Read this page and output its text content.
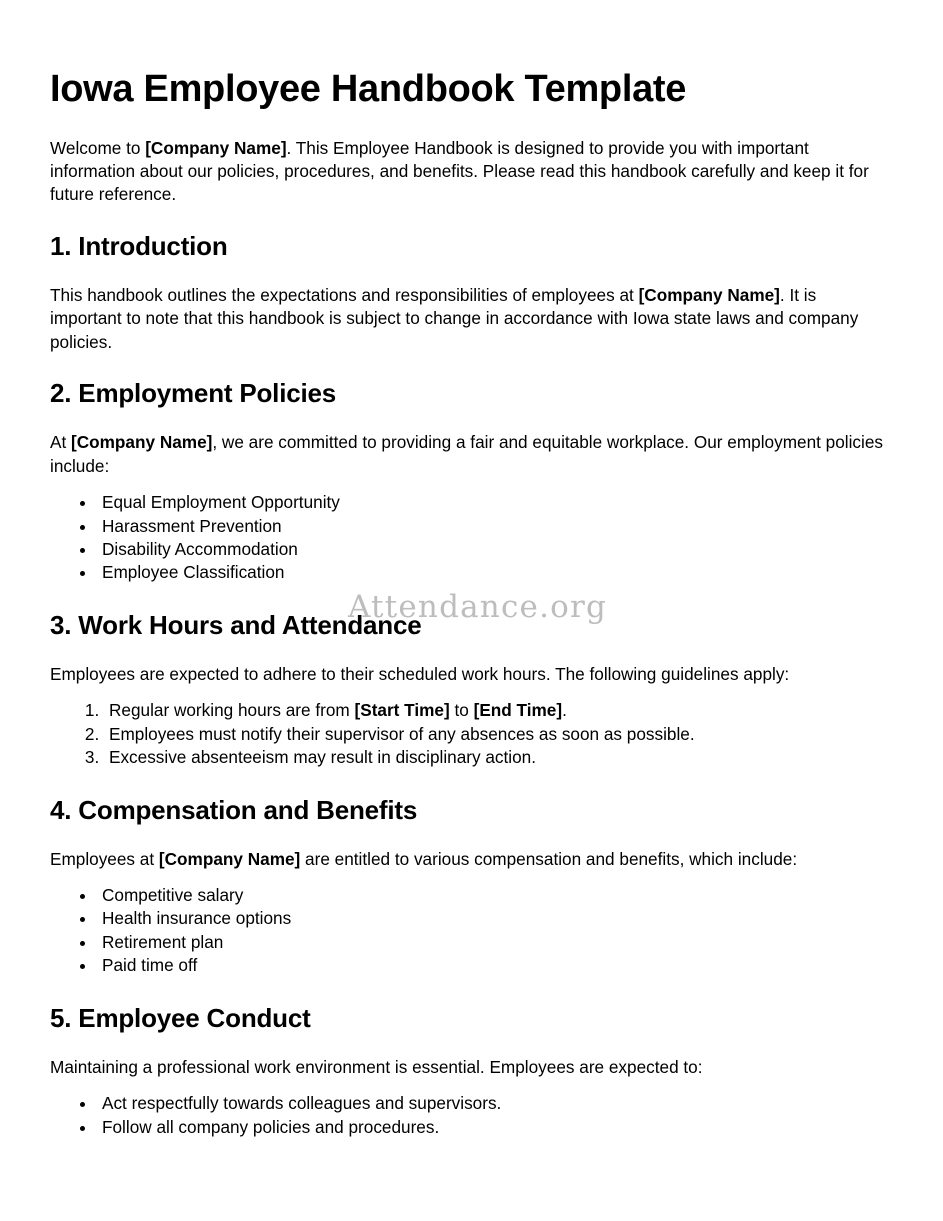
Attendance.org
Iowa Employee Handbook Template

Welcome to [Company Name]. This Employee Handbook is designed to provide you with important information about our policies, procedures, and benefits. Please read this handbook carefully and keep it for future reference.

1. Introduction

This handbook outlines the expectations and responsibilities of employees at [Company Name]. It is important to note that this handbook is subject to change in accordance with Iowa state laws and company policies.

2. Employment Policies

At [Company Name], we are committed to providing a fair and equitable workplace. Our employment policies include:

• Equal Employment Opportunity
• Harassment Prevention
• Disability Accommodation
• Employee Classification
3. Work Hours and Attendance

Employees are expected to adhere to their scheduled work hours. The following guidelines apply:

1. Regular working hours are from [Start Time] to [End Time].
2. Employees must notify their supervisor of any absences as soon as possible.
3. Excessive absenteeism may result in disciplinary action.
4. Compensation and Benefits

Employees at [Company Name] are entitled to various compensation and benefits, which include:

• Competitive salary
• Health insurance options
• Retirement plan
• Paid time off
5. Employee Conduct

Maintaining a professional work environment is essential. Employees are expected to:

• Act respectfully towards colleagues and supervisors.
• Follow all company policies and procedures.
